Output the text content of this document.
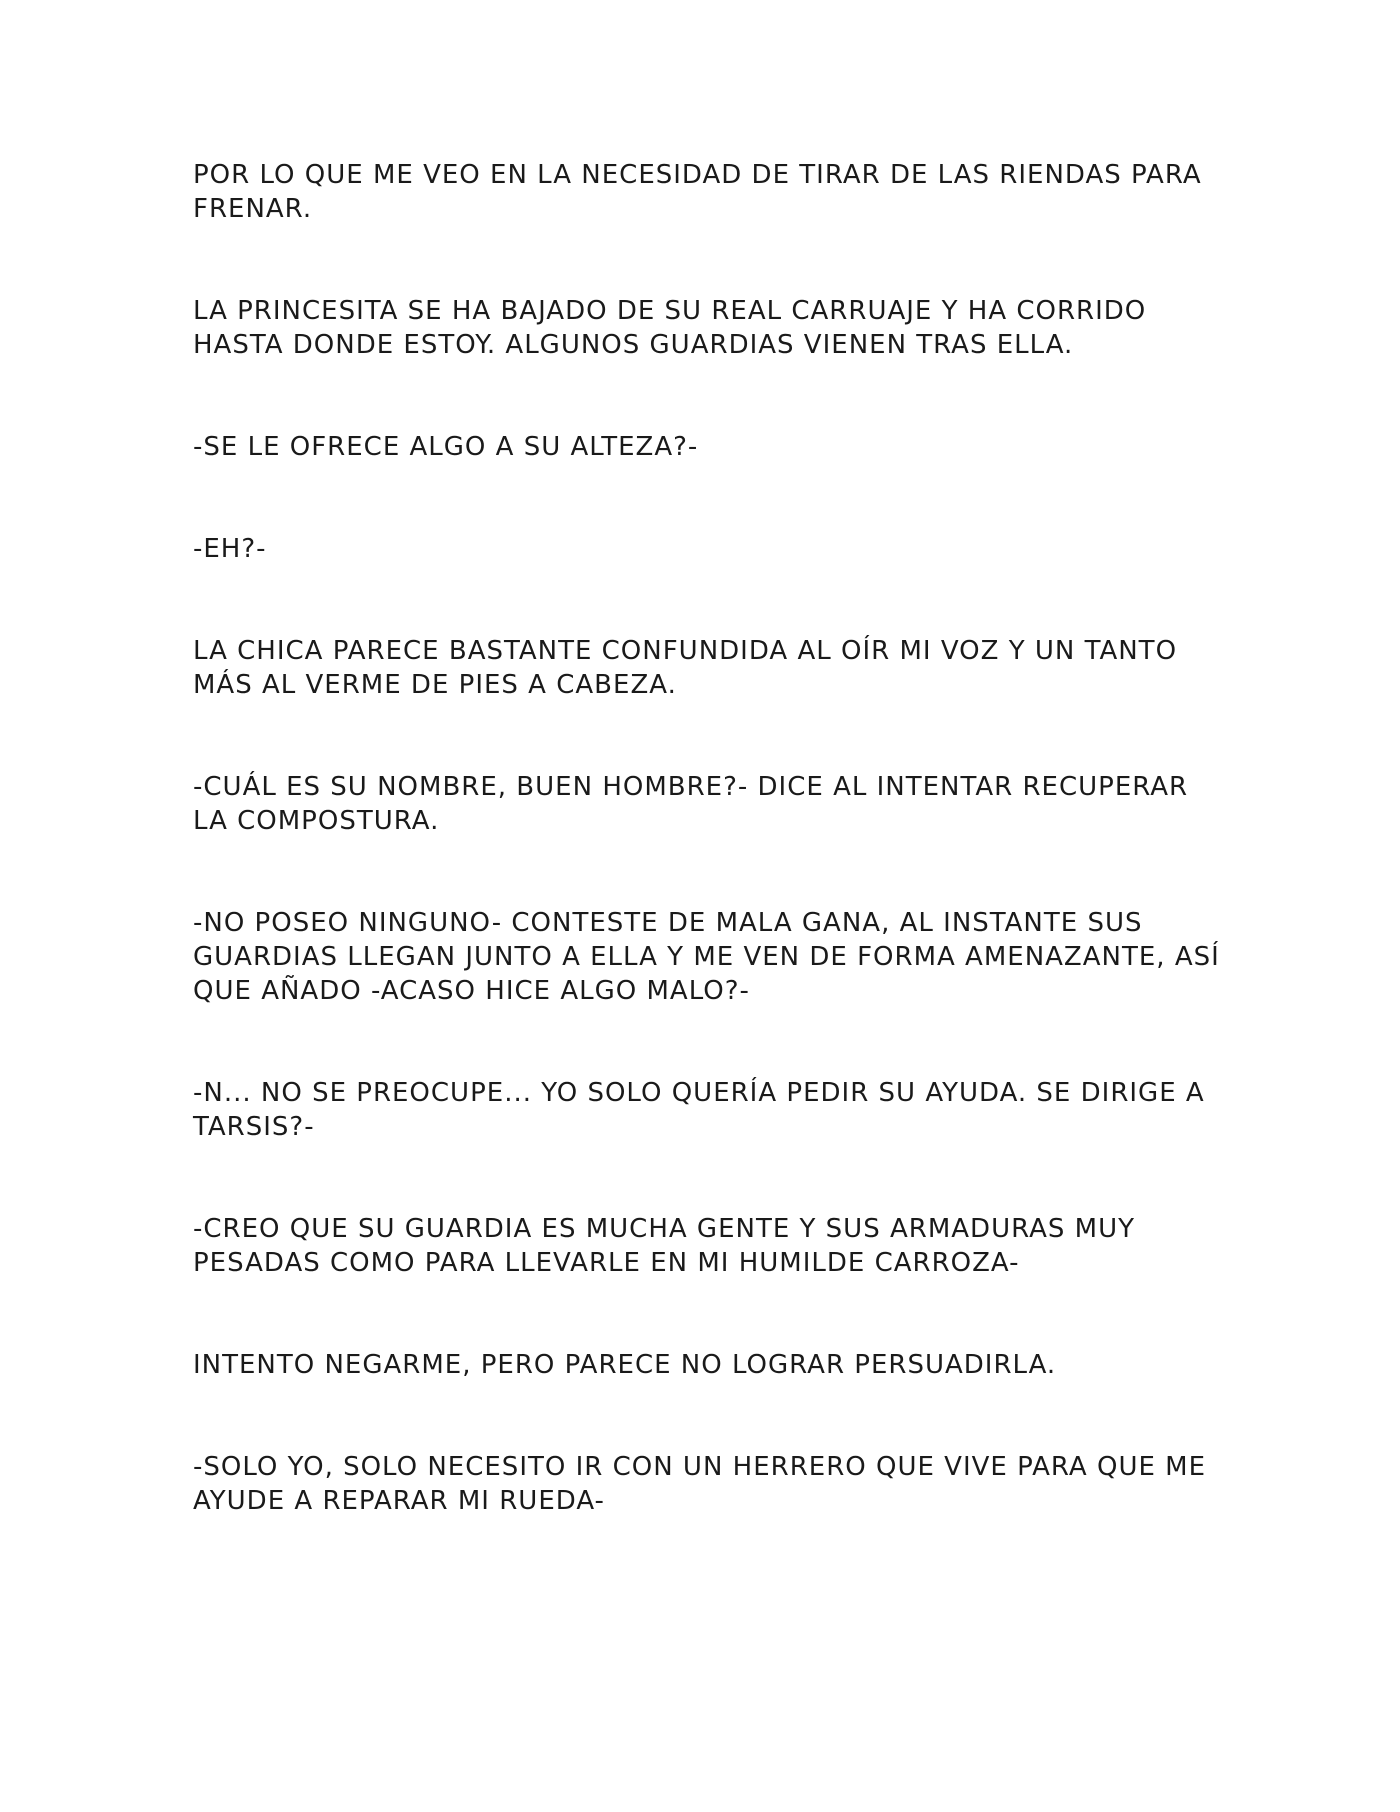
POR LO QUE ME VEO EN LA NECESIDAD DE TIRAR DE LAS RIENDAS PARA FRENAR.

LA PRINCESITA SE HA BAJADO DE SU REAL CARRUAJE Y HA CORRIDO HASTA DONDE ESTOY. ALGUNOS GUARDIAS VIENEN TRAS ELLA.

-SE LE OFRECE ALGO A SU ALTEZA?-

-EH?-

LA CHICA PARECE BASTANTE CONFUNDIDA AL OÍR MI VOZ Y UN TANTO MÁS AL VERME DE PIES A CABEZA.

-CUÁL ES SU NOMBRE, BUEN HOMBRE?- DICE AL INTENTAR RECUPERAR LA COMPOSTURA.

-NO POSEO NINGUNO- CONTESTE DE MALA GANA, AL INSTANTE SUS GUARDIAS LLEGAN JUNTO A ELLA Y ME VEN DE FORMA AMENAZANTE, ASÍ QUE AÑADO -ACASO HICE ALGO MALO?-

-N... NO SE PREOCUPE... YO SOLO QUERÍA PEDIR SU AYUDA. SE DIRIGE A TARSIS?-

-CREO QUE SU GUARDIA ES MUCHA GENTE Y SUS ARMADURAS MUY PESADAS COMO PARA LLEVARLE EN MI HUMILDE CARROZA-

INTENTO NEGARME, PERO PARECE NO LOGRAR PERSUADIRLA.

-SOLO YO, SOLO NECESITO IR CON UN HERRERO QUE VIVE PARA QUE ME AYUDE A REPARAR MI RUEDA-
